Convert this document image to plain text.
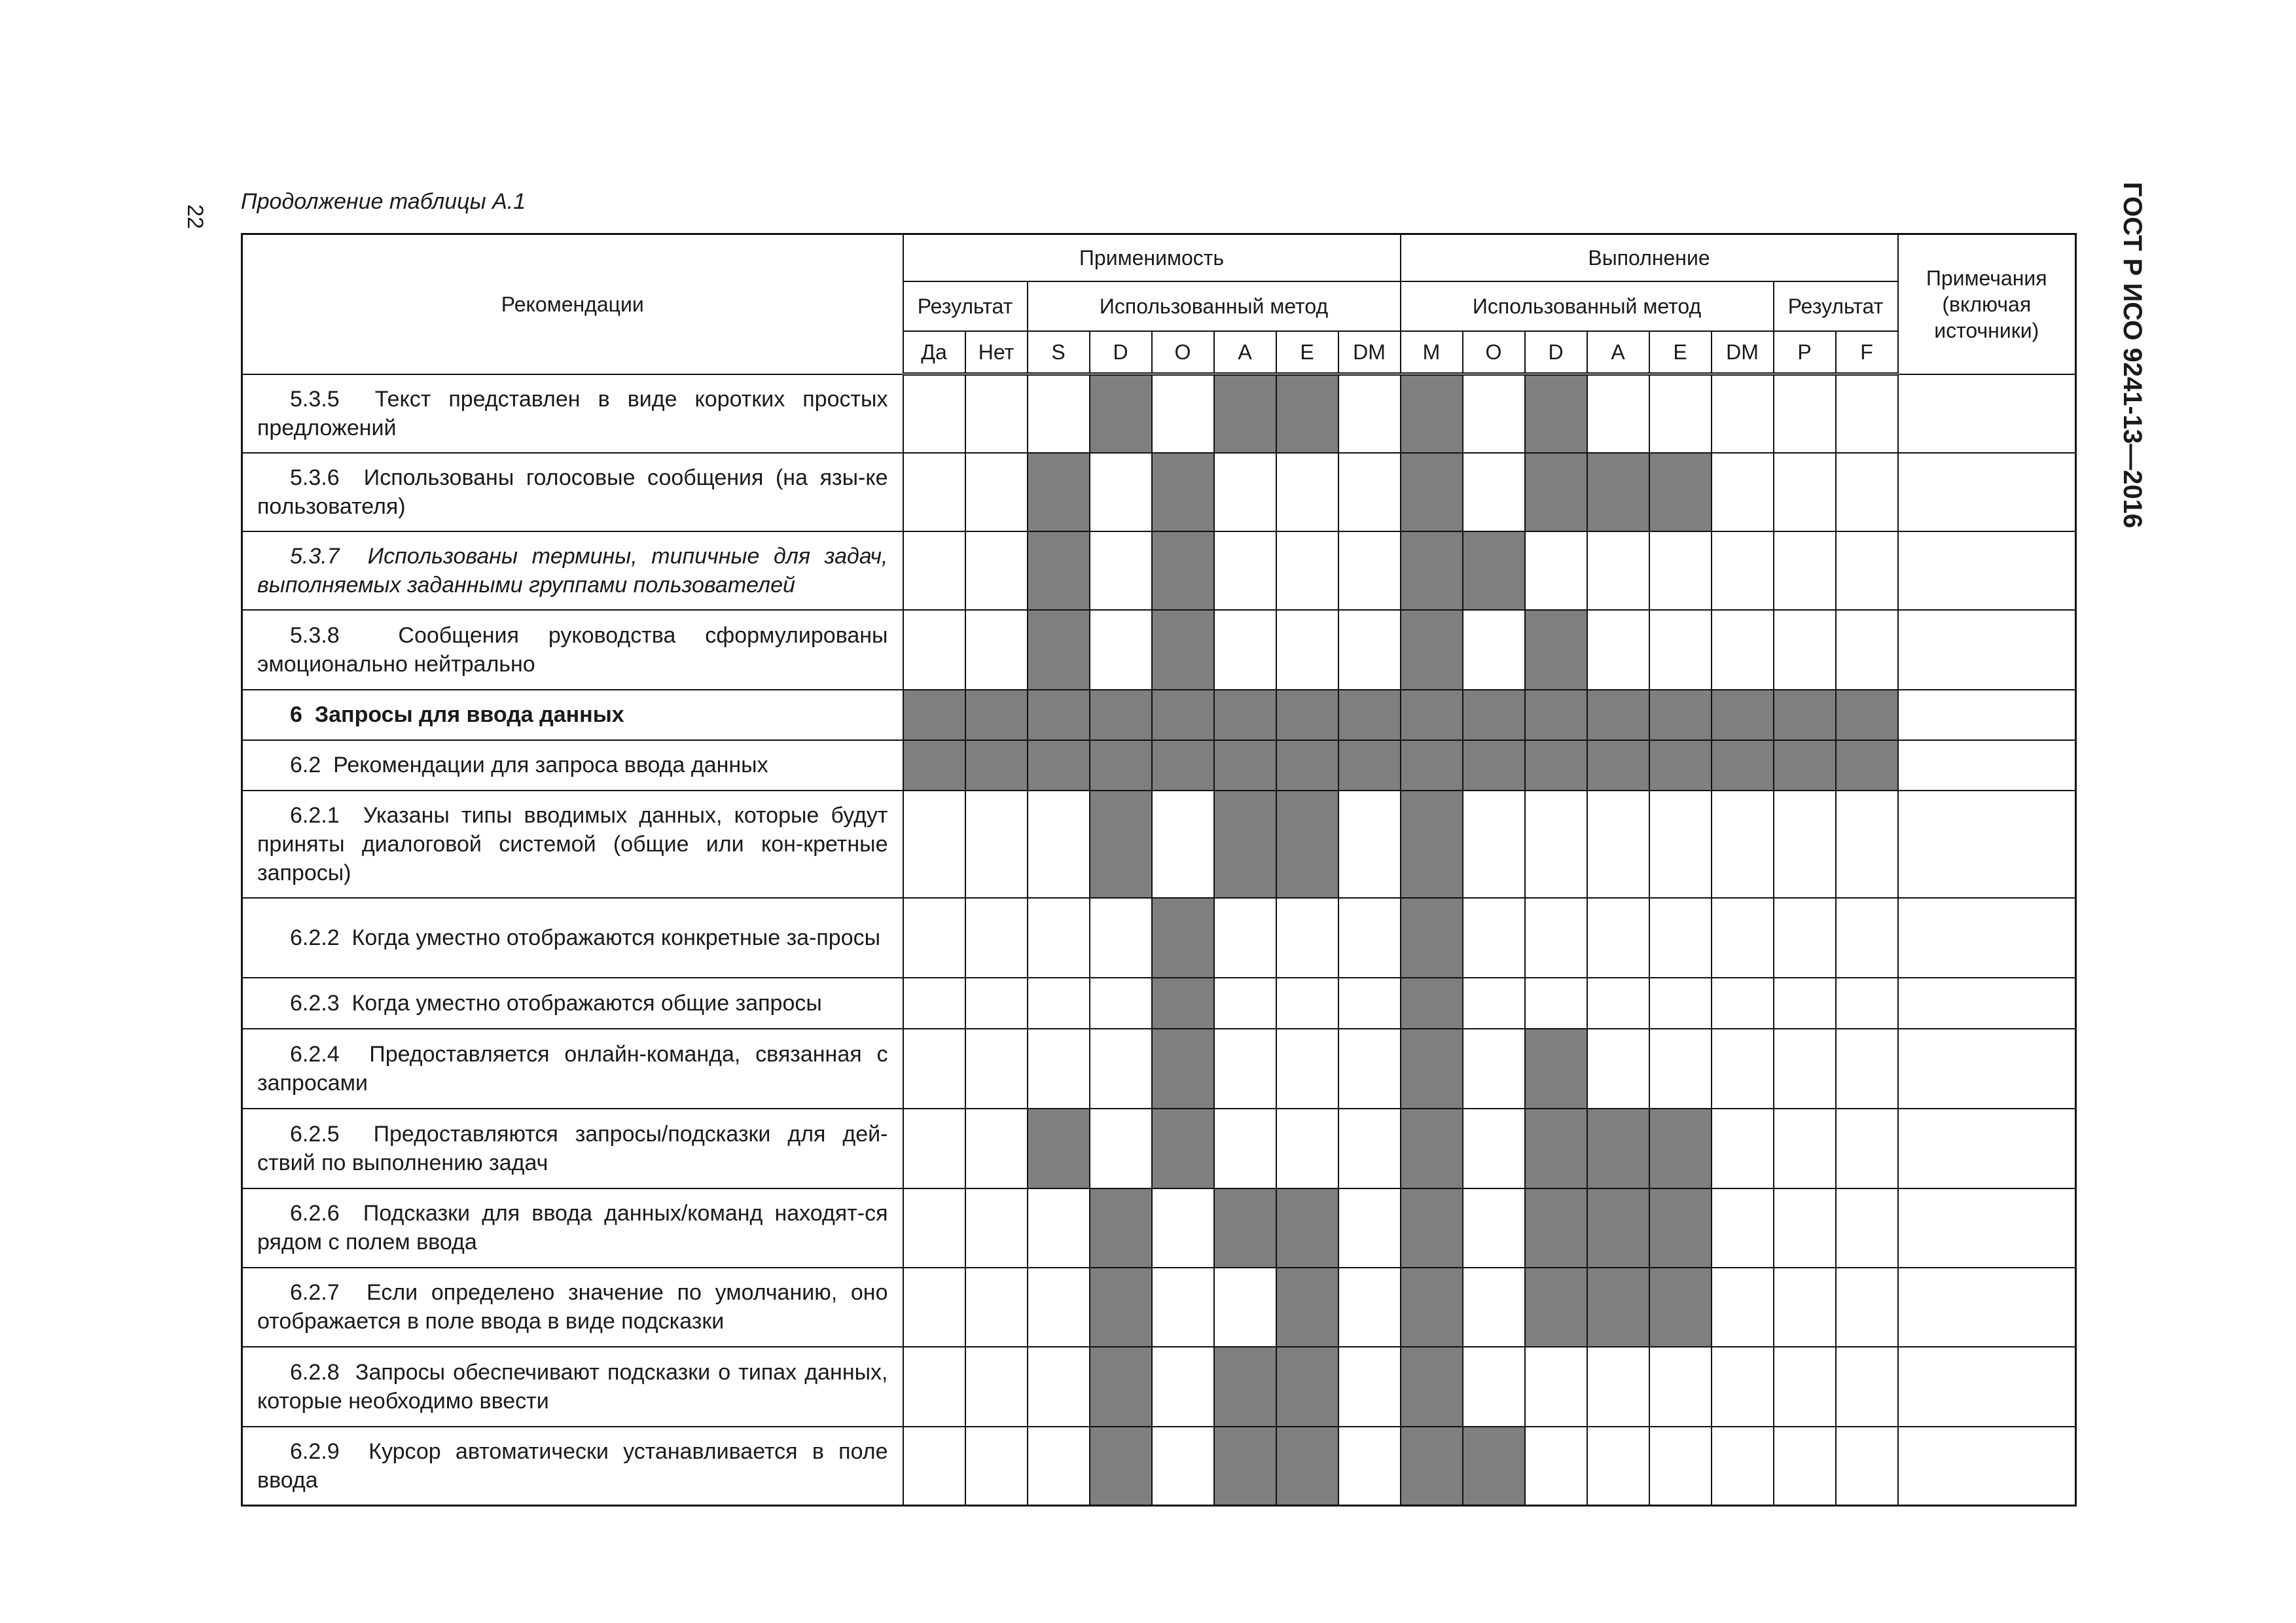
22
Продолжение таблицы А.1	ГОСТ Р ИСО 9241-13—2016
Рекомендации	Применимость								Выполнение								Примечания (включая источники)
	Результат		Использованный метод						Использованный метод						Результат		
	Да	Нет	S	D	O	A	E	DM	M	O	D	A	E	DM	P	F	
5.3.5 Текст представлен в виде коротких простых предложений																	
5.3.6 Использованы голосовые сообщения (на язы-ке пользователя)																	
5.3.7 Использованы термины, типичные для задач, выполняемых заданными группами пользователей																	
5.3.8 Сообщения руководства сформулированы эмоционально нейтрально																	
6 Запросы для ввода данных																	
6.2 Рекомендации для запроса ввода данных																	
6.2.1 Указаны типы вводимых данных, которые будут приняты диалоговой системой (общие или кон-кретные запросы)																	
6.2.2 Когда уместно отображаются конкретные за-просы																	
6.2.3 Когда уместно отображаются общие запросы																	
6.2.4 Предоставляется онлайн-команда, связанная с запросами																	
6.2.5 Предоставляются запросы/подсказки для дей-ствий по выполнению задач																	
6.2.6 Подсказки для ввода данных/команд находят-ся рядом с полем ввода																	
6.2.7 Если определено значение по умолчанию, оно отображается в поле ввода в виде подсказки																	
6.2.8 Запросы обеспечивают подсказки о типах данных, которые необходимо ввести																	
6.2.9 Курсор автоматически устанавливается в поле ввода																	
